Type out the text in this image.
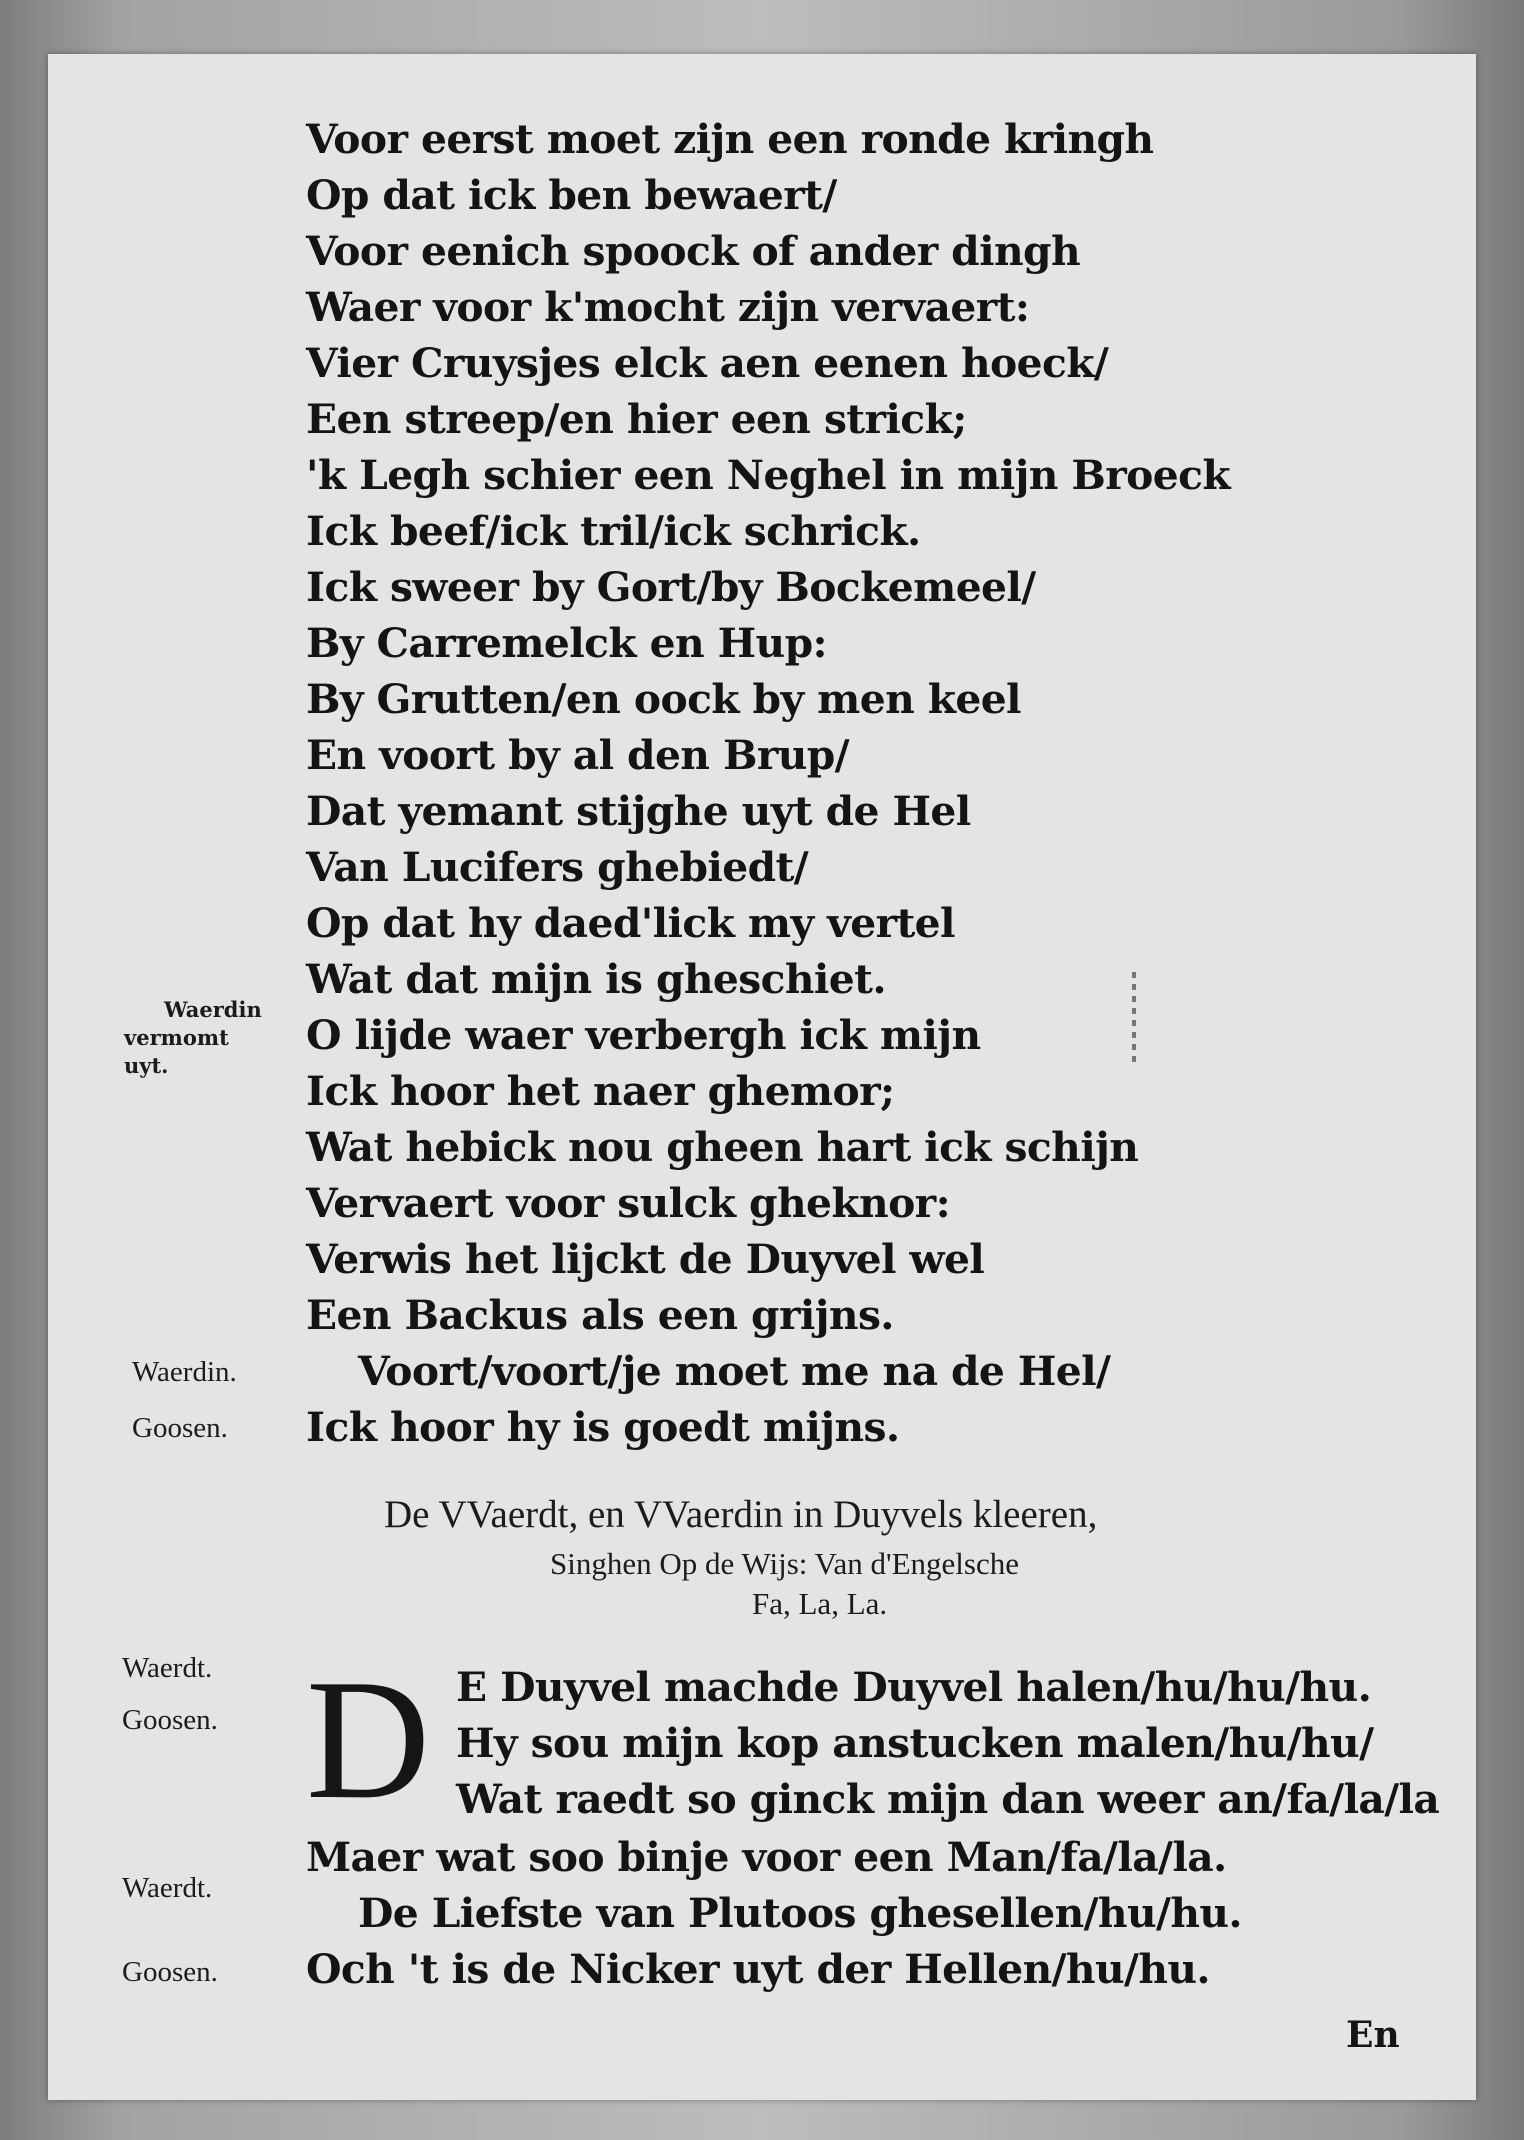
Voor eerst moet zijn een ronde kringh
Op dat ick ben bewaert/
Voor eenich spoock of ander dingh
Waer voor k'mocht zijn vervaert:
Vier Cruysjes elck aen eenen hoeck/
Een streep/en hier een strick;
'k Legh schier een Neghel in mijn Broeck
Ick beef/ick tril/ick schrick.
Ick sweer by Gort/by Bockemeel/
By Carremelck en Hup:
By Grutten/en oock by men keel
En voort by al den Brup/
Dat yemant stijghe uyt de Hel
Van Lucifers ghebiedt/
Op dat hy daed'lick my vertel
Wat dat mijn is gheschiet.
O lijde waer verbergh ick mijn
Ick hoor het naer ghemor;
Wat hebick nou gheen hart ick schijn
Vervaert voor sulck gheknor:
Verwis het lijckt de Duyvel wel
Een Backus als een grijns.
Voort/voort/je moet me na de Hel/
Ick hoor hy is goedt mijns.
Waerdin
vermomt
uyt.
Waerdin.
Goosen.
De VVaerdt, en VVaerdin in Duyvels kleeren,
Singhen Op de Wijs: Van d'Engelsche
Fa, La, La.
D E Duyvel machde Duyvel halen/hu/hu/hu.
Hy sou mijn kop anstucken malen/hu/hu/
Wat raedt so ginck mijn dan weer an/fa/la/la
Maer wat soo binje voor een Man/fa/la/la.
De Liefste van Plutoos ghesellen/hu/hu.
Och 't is de Nicker uyt der Hellen/hu/hu.
Waerdt.
Goosen.
Waerdt.
Goosen.
En
